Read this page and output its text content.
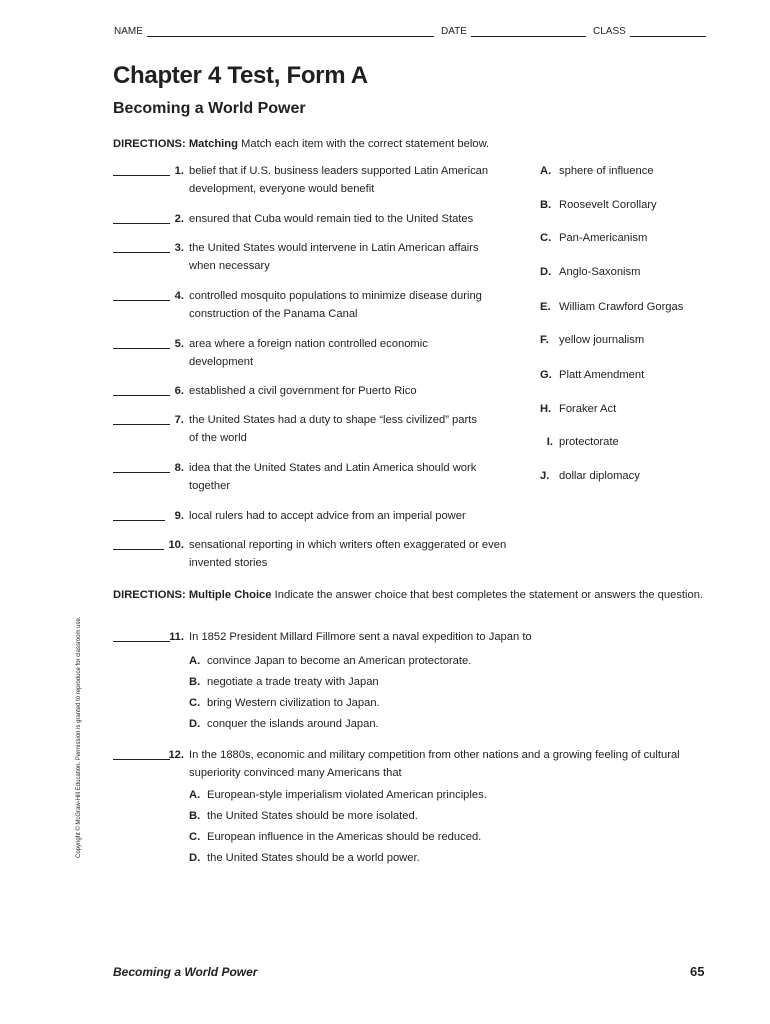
NAME	DATE	CLASS
Chapter 4 Test, Form A
Becoming a World Power
DIRECTIONS: Matching Match each item with the correct statement below.
1. belief that if U.S. business leaders supported Latin American development, everyone would benefit
2. ensured that Cuba would remain tied to the United States
3. the United States would intervene in Latin American affairs when necessary
4. controlled mosquito populations to minimize disease during construction of the Panama Canal
5. area where a foreign nation controlled economic development
6. established a civil government for Puerto Rico
7. the United States had a duty to shape “less civilized” parts of the world
8. idea that the United States and Latin America should work together
9. local rulers had to accept advice from an imperial power
10. sensational reporting in which writers often exaggerated or even invented stories
A. sphere of influence
B. Roosevelt Corollary
C. Pan-Americanism
D. Anglo-Saxonism
E. William Crawford Gorgas
F. yellow journalism
G. Platt Amendment
H. Foraker Act
I. protectorate
J. dollar diplomacy
DIRECTIONS: Multiple Choice Indicate the answer choice that best completes the statement or answers the question.
11. In 1852 President Millard Fillmore sent a naval expedition to Japan to
A. convince Japan to become an American protectorate.
B. negotiate a trade treaty with Japan
C. bring Western civilization to Japan.
D. conquer the islands around Japan.
12. In the 1880s, economic and military competition from other nations and a growing feeling of cultural superiority convinced many Americans that
A. European-style imperialism violated American principles.
B. the United States should be more isolated.
C. European influence in the Americas should be reduced.
D. the United States should be a world power.
Copyright © McGraw-Hill Education. Permission is granted to reproduce for classroom use.
Becoming a World Power	65
